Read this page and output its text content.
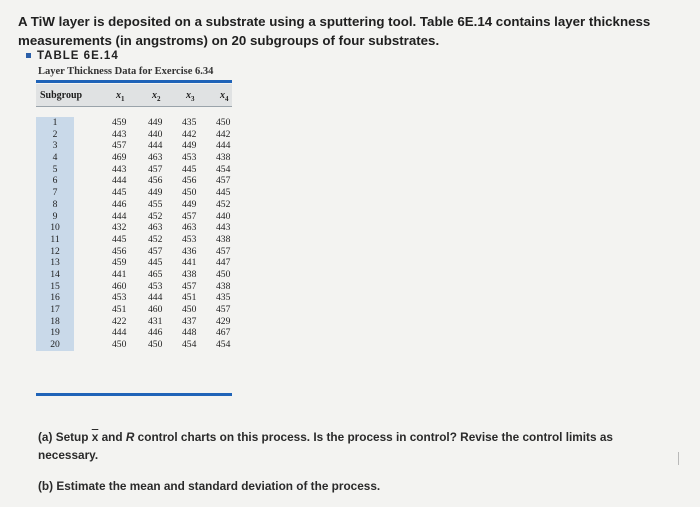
A TiW layer is deposited on a substrate using a sputtering tool. Table 6E.14 contains layer thickness
measurements (in angstroms) on 20 subgroups of four substrates.
TABLE 6E.14
Layer Thickness Data for Exercise 6.34
Subgroup	$x_1$	$x_2$	$x_3$	$x_4$
1	459 449 435 450
2	443 440 442 442
3	457 444 449 444
4	469 463 453 438
5	443 457 445 454
6	444 456 456 457
7	445 449 450 445
8	446 455 449 452
9	444 452 457 440
10	432 463 463 443
11	445 452 453 438
12	456 457 436 457
13	459 445 441 447
14	441 465 438 450
15	460 453 457 438
16	453 444 451 435
17	451 460 450 457
18	422 431 437 429
19	444 446 448 467
20	450 450 454 454
(a) Setup $\overline{x}$ and R control charts on this process. Is the process in control? Revise the control limits as
necessary.
(b) Estimate the mean and standard deviation of the process.
